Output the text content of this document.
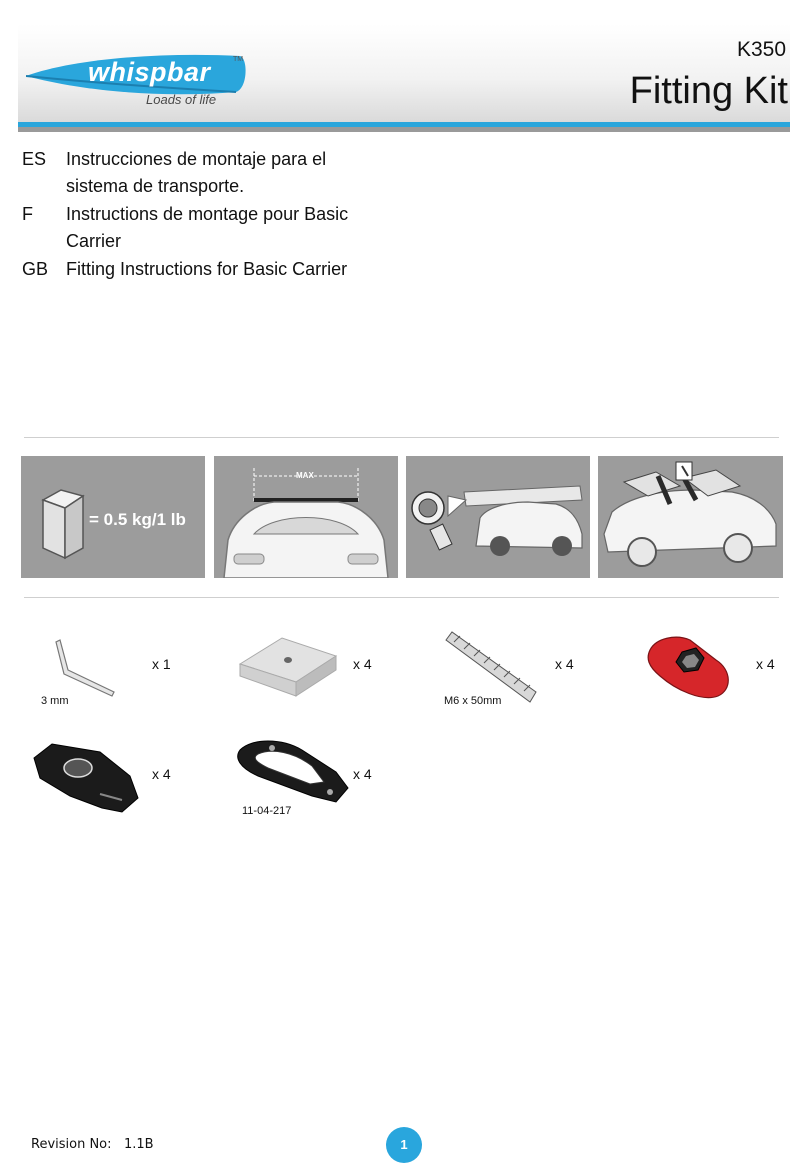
whispbar	TM
Loads of life
K350
Fitting Kit
ES	Instrucciones de montaje para el sistema de transporte.
F	Instructions de montage pour Basic Carrier
GB Fitting Instructions for Basic Carrier
= 0.5 kg/1 lb
MAX
x 1
3 mm
x 4	x 4
M6 x 50mm
x 4
x 4	x 4
11-04-217
Revision No: 1.1B	1
